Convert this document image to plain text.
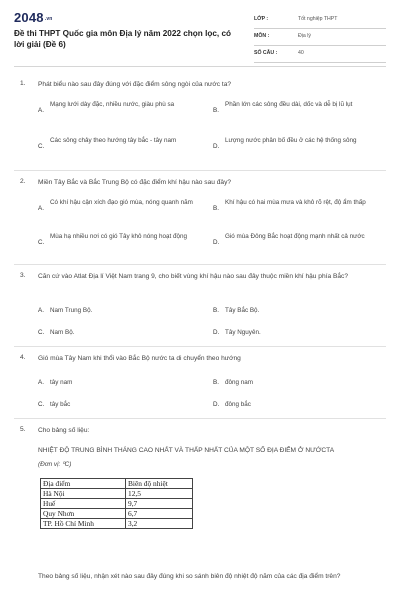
2048.vn
Đề thi THPT Quốc gia môn Địa lý năm 2022 chọn lọc, có lời giải (Đề 6)
LỚP :	Tốt nghiệp THPT
MÔN :	Địa lý
SỐ CÂU :	40
1. Phát biểu nào sau đây đúng với đặc điểm sông ngòi của nước ta?
A.
Mạng lưới dày đặc, nhiều nước, giàu phù sa
B.
Phần lớn các sông đều dài, dốc và dễ bị lũ lụt
C.
Các sông chảy theo hướng tây bắc - tây nam
D.
Lượng nước phân bố đều ở các hệ thống sông
2. Miền Tây Bắc và Bắc Trung Bộ có đặc điểm khí hậu nào sau đây?
A.
Có khí hậu cận xích đạo gió mùa, nóng quanh năm
B.
Khí hậu có hai mùa mưa và khô rõ rệt, độ ẩm thấp
C.
Mùa hạ nhiều nơi có gió Tây khô nóng hoạt động
D.
Gió mùa Đông Bắc hoạt động mạnh nhất cả nước
3. Căn cứ vào Atlat Địa lí Việt Nam trang 9, cho biết vùng khí hậu nào sau đây thuộc miền khí hậu phía Bắc?
A. Nam Trung Bộ.	B. Tây Bắc Bộ.
C. Nam Bộ.	D. Tây Nguyên.
4. Gió mùa Tây Nam khi thổi vào Bắc Bộ nước ta di chuyển theo hướng
A. tây nam	B. đông nam
C. tây bắc	D. đông bắc
5. Cho bảng số liệu:
NHIỆT ĐỘ TRUNG BÌNH THÁNG CAO NHẤT VÀ THẤP NHẤT CỦA MỘT SỐ ĐỊA ĐIỂM Ở NƯỚCTA
(Đơn vị: ⁰C)
Địa điểm	Biên độ nhiệt
Hà Nội	12,5
Huế	9,7
Quy Nhơn	6,7
TP. Hồ Chí Minh	3,2
Theo bảng số liệu, nhận xét nào sau đây đúng khi so sánh biên độ nhiệt độ năm của các địa điểm trên?
